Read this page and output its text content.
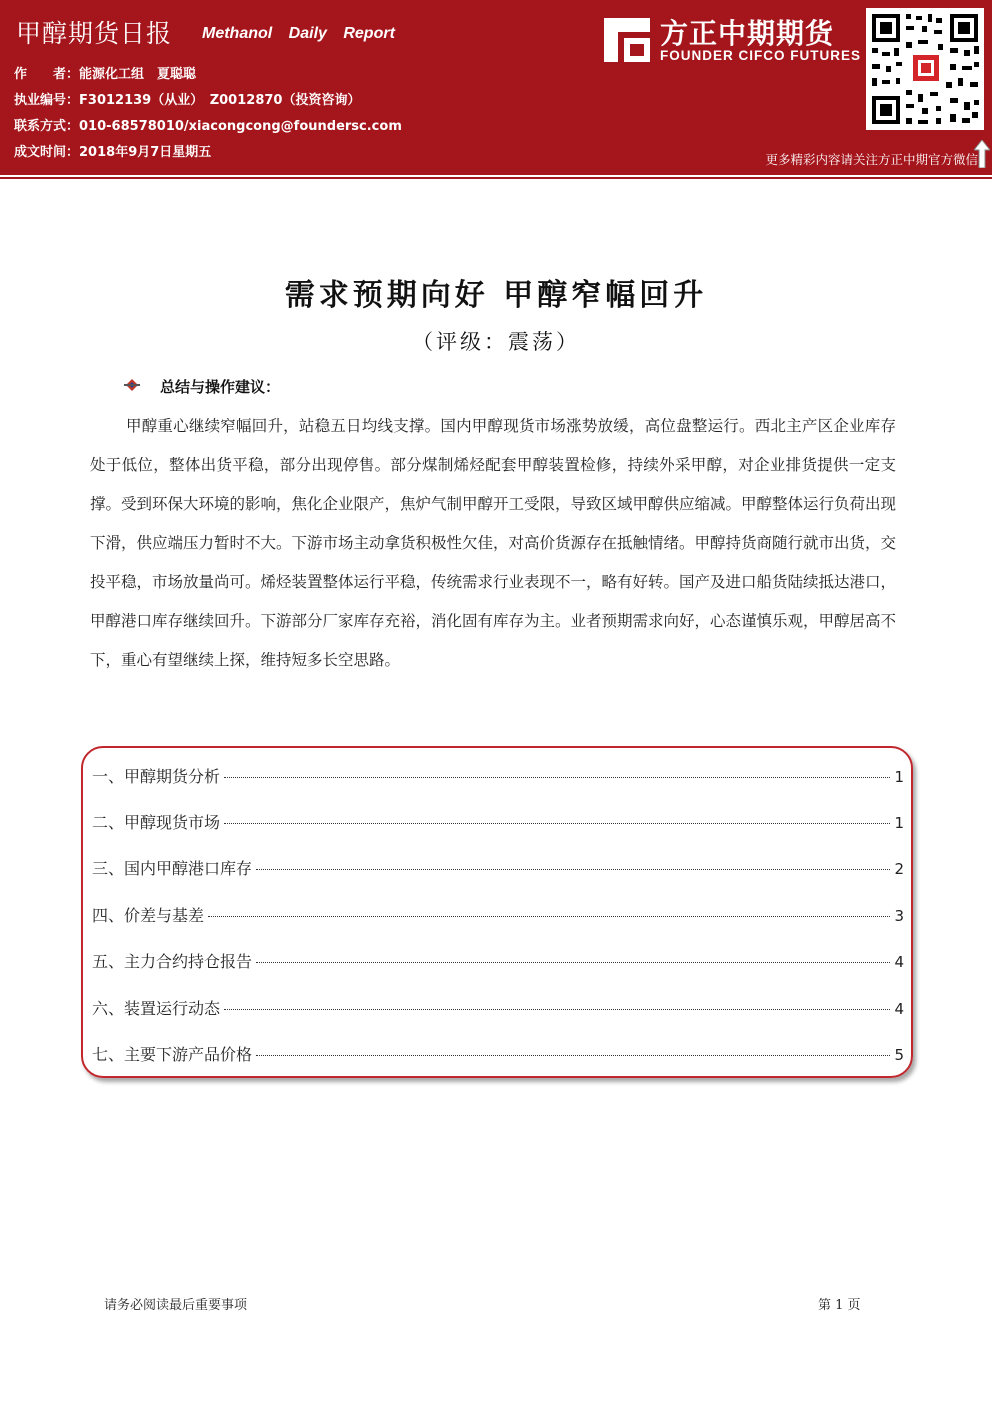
甲醇期货日报 Methanol Daily Report
作　　者：能源化工组　夏聪聪
执业编号：F3012139（从业）　Z0012870（投资咨询）
联系方式：010-68578010/xiacongcong@foundersc.com
成文时间：2018年9月7日星期五
方正中期期货
FOUNDER CIFCO FUTURES
更多精彩内容请关注方正中期官方微信
需求预期向好 甲醇窄幅回升
（评级：震荡）
总结与操作建议：

甲醇重心继续窄幅回升，站稳五日均线支撑。国内甲醇现货市场涨势放缓，高位盘整运行。西北主产区企业库存处于低位，整体出货平稳，部分出现停售。部分煤制烯烃配套甲醇装置检修，持续外采甲醇，对企业排货提供一定支撑。受到环保大环境的影响，焦化企业限产，焦炉气制甲醇开工受限，导致区域甲醇供应缩减。甲醇整体运行负荷出现下滑，供应端压力暂时不大。下游市场主动拿货积极性欠佳，对高价货源存在抵触情绪。甲醇持货商随行就市出货，交投平稳，市场放量尚可。烯烃装置整体运行平稳，传统需求行业表现不一，略有好转。国产及进口船货陆续抵达港口，甲醇港口库存继续回升。下游部分厂家库存充裕，消化固有库存为主。业者预期需求向好，心态谨慎乐观，甲醇居高不下，重心有望继续上探，维持短多长空思路。

一、甲醇期货分析	1
二、甲醇现货市场	1
三、国内甲醇港口库存	2
四、价差与基差	3
五、主力合约持仓报告	4
六、装置运行动态	4
七、主要下游产品价格	5
请务必阅读最后重要事项	第 1 页
